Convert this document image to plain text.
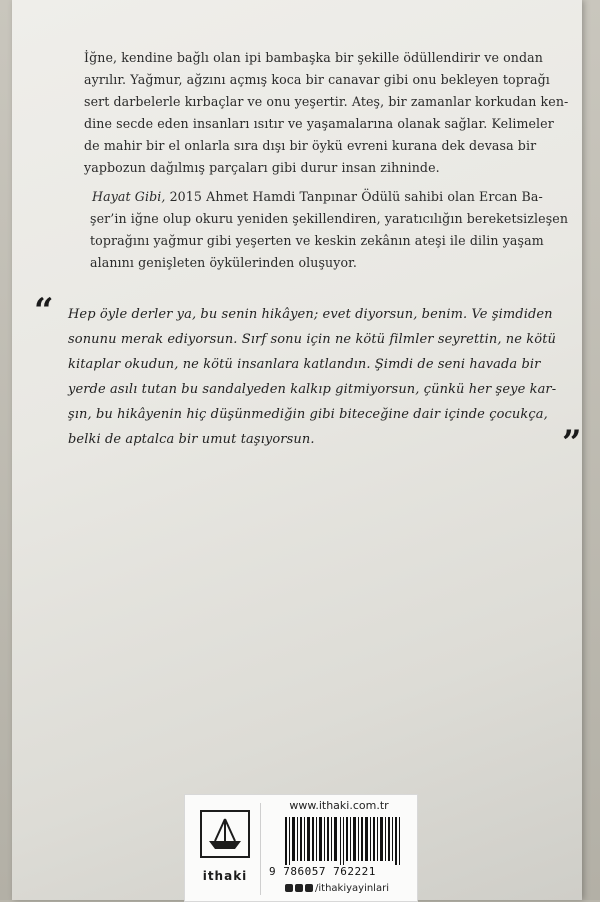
İğne, kendine bağlı olan ipi bambaşka bir şekille ödüllendirir ve ondan
ayrılır. Yağmur, ağzını açmış koca bir canavar gibi onu bekleyen toprağı
sert darbelerle kırbaçlar ve onu yeşertir. Ateş, bir zamanlar korkudan ken-
dine secde eden insanları ısıtır ve yaşamalarına olanak sağlar. Kelimeler
de mahir bir el onlarla sıra dışı bir öykü evreni kurana dek devasa bir
yapbozun dağılmış parçaları gibi durur insan zihninde.
Hayat Gibi, 2015 Ahmet Hamdi Tanpınar Ödülü sahibi olan Ercan Ba-
şer’in iğne olup okuru yeniden şekillendiren, yaratıcılığın bereketsizleşen
toprağını yağmur gibi yeşerten ve keskin zekânın ateşi ile dilin yaşam
alanını genişleten öykülerinden oluşuyor.
“ Hep öyle derler ya, bu senin hikâyen; evet diyorsun, benim. Ve şimdiden
sonunu merak ediyorsun. Sırf sonu için ne kötü filmler seyrettin, ne kötü
kitaplar okudun, ne kötü insanlara katlandın. Şimdi de seni havada bir
yerde asılı tutan bu sandalyeden kalkıp gitmiyorsun, çünkü her şeye kar-
şın, bu hikâyenin hiç düşünmediğin gibi biteceğine dair içinde çocukça,
belki de aptalca bir umut taşıyorsun.	”
ithaki
www.ithaki.com.tr
9 786057 762221
/ithakiyayinlari
